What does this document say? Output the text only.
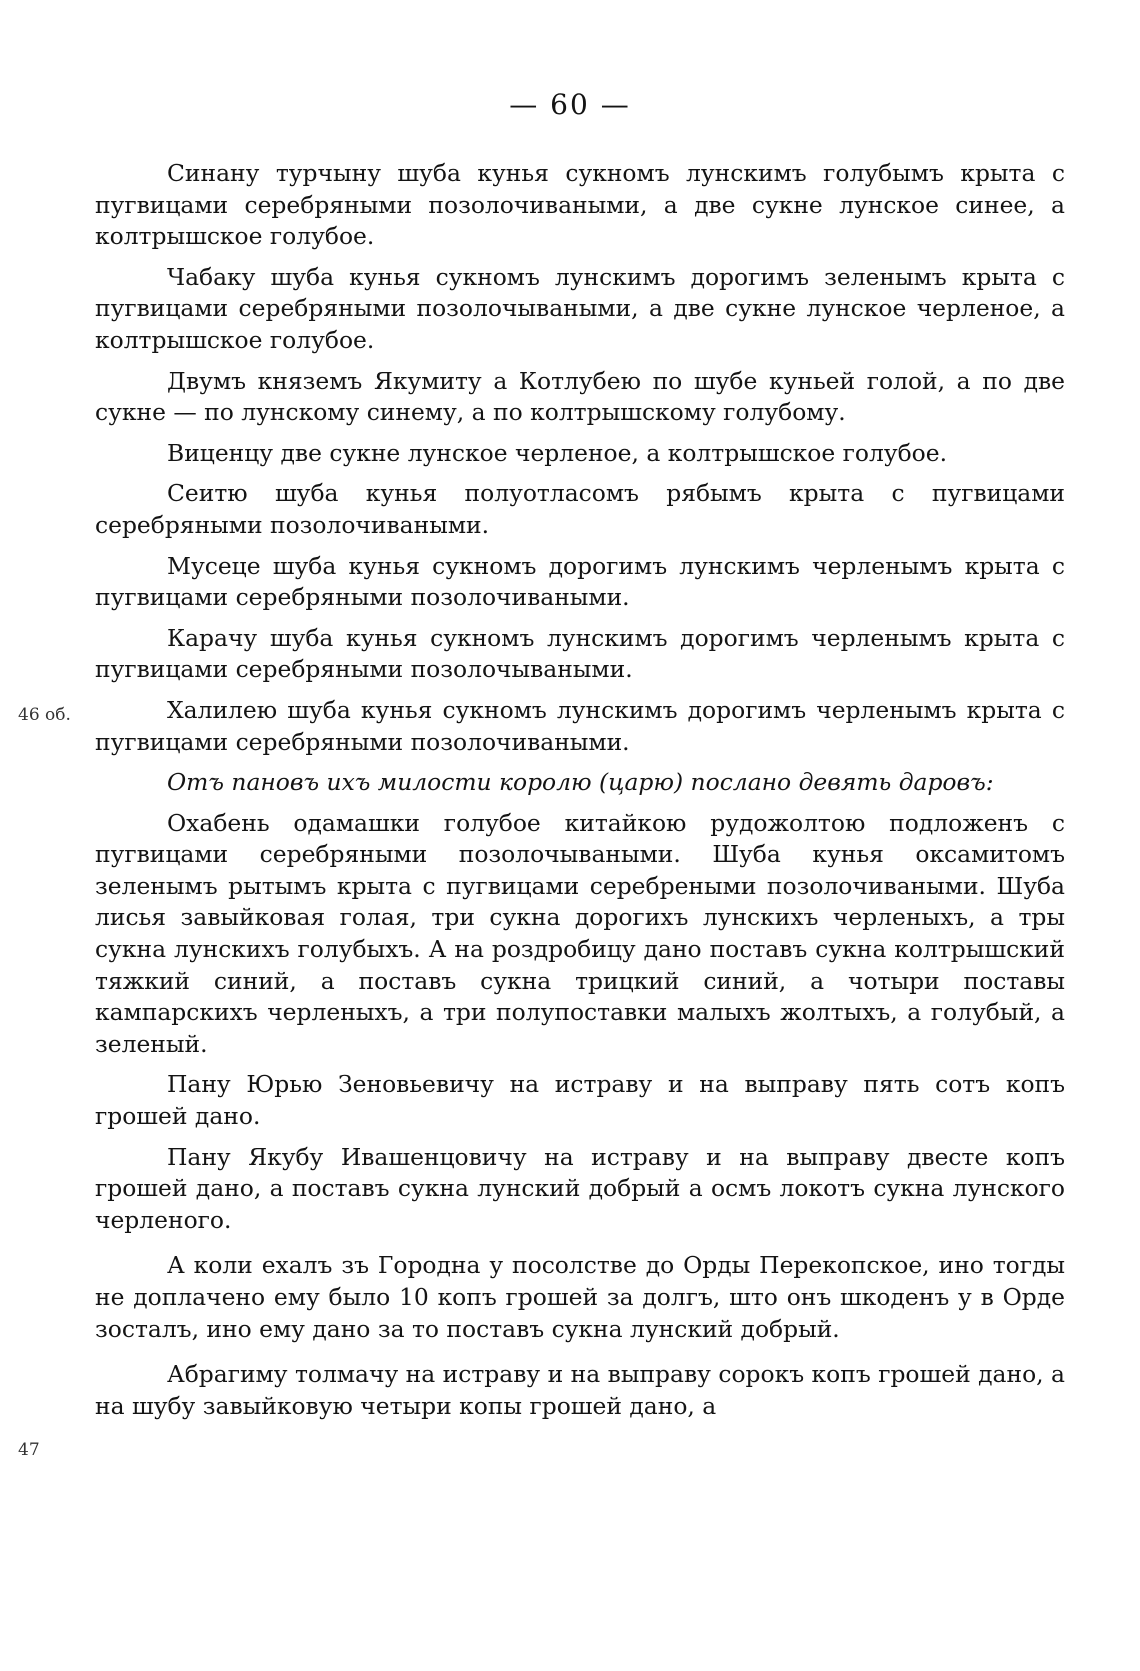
— 60 —
46 об.
47

Синану турчыну шуба кунья сукномъ лунскимъ голубымъ крыта с пугвицами серебряными позолочиваными, а две сукне лунское синее, а колтрышское голубое.

Чабаку шуба кунья сукномъ лунскимъ дорогимъ зеленымъ крыта с пугвицами серебряными позолочываными, а две сукне лунское черленое, а колтрышское голубое.

Двумъ княземъ Якумиту а Котлубею по шубе куньей голой, а по две сукне — по лунскому синему, а по колтрышскому голубому.

Виценцу две сукне лунское черленое, а колтрышское голубое.

Сеитю шуба кунья полуотласомъ рябымъ крыта с пугвицами серебряными позолочиваными.

Мусеце шуба кунья сукномъ дорогимъ лунскимъ черленымъ крыта с пугвицами серебряными позолочиваными.

Карачу шуба кунья сукномъ лунскимъ дорогимъ черленымъ крыта с пугвицами серебряными позолочываными.

Халилею шуба кунья сукномъ лунскимъ дорогимъ черленымъ крыта с пугвицами серебряными позолочиваными.

Отъ пановъ ихъ милости королю (царю) послано девять даровъ:

Охабень одамашки голубое китайкою рудожолтою подложенъ с пугвицами серебряными позолочываными. Шуба кунья оксамитомъ зеленымъ рытымъ крыта с пугвицами серебреными позолочиваными. Шуба лисья завыйковая голая, три сукна дорогихъ лунскихъ черленыхъ, а тры сукна лунскихъ голубыхъ. А на роздробицу дано поставъ сукна колтрышский тяжкий синий, а поставъ сукна трицкий синий, а чотыри поставы кампарскихъ черленыхъ, а три полупоставки малыхъ жолтыхъ, а голубый, а зеленый.

Пану Юрью Зеновьевичу на истраву и на выправу пять сотъ копъ грошей дано.

Пану Якубу Ивашенцовичу на истраву и на выправу двесте копъ грошей дано, а поставъ сукна лунский добрый а осмъ локотъ сукна лунского черленого.

А коли ехалъ зъ Городна у посолстве до Орды Перекопское, ино тогды не доплачено ему было 10 копъ грошей за долгъ, што онъ шкоденъ у в Орде зосталъ, ино ему дано за то поставъ сукна лунский добрый.

Абрагиму толмачу на истраву и на выправу сорокъ копъ грошей дано, а на шубу завыйковую четыри копы грошей дано, а
